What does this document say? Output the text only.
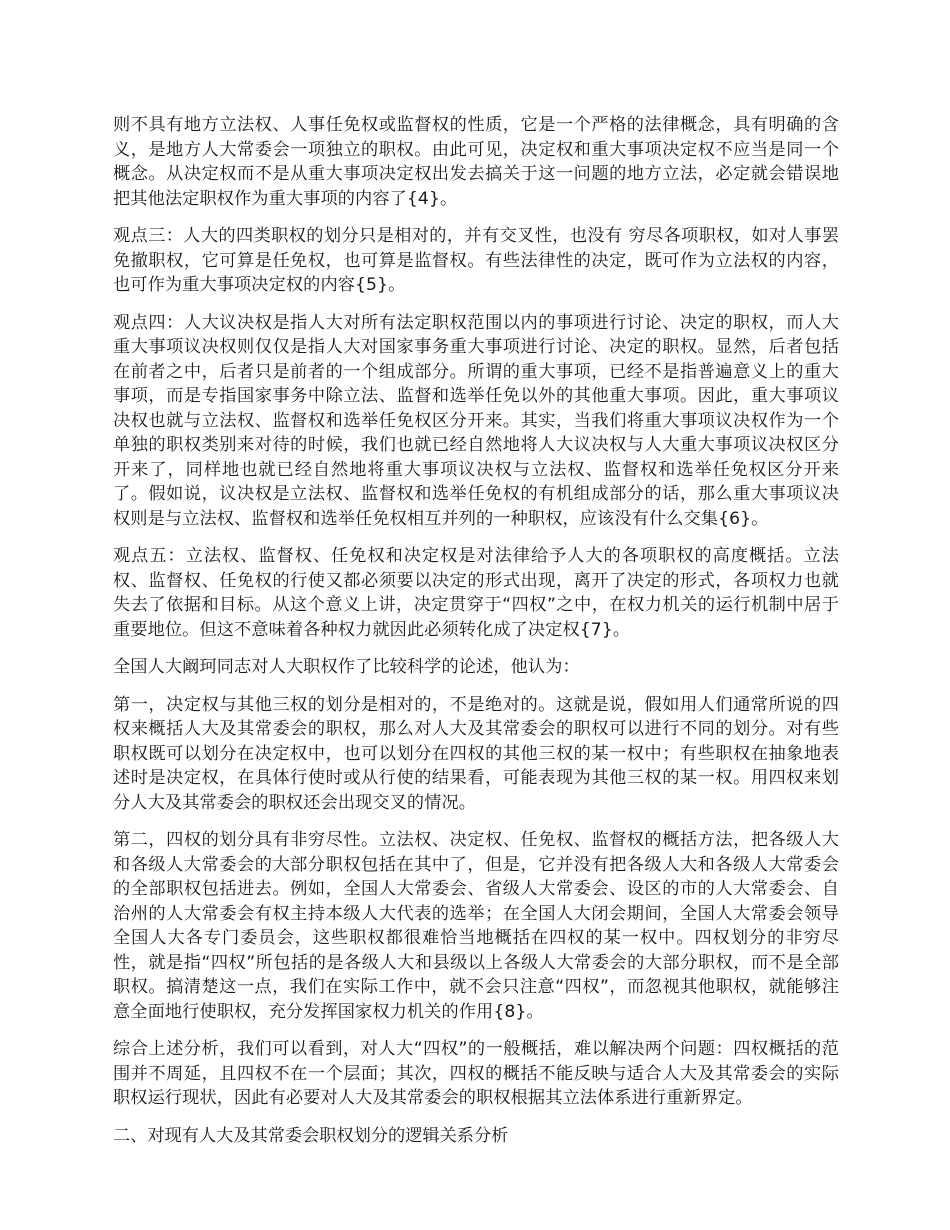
则不具有地方立法权、人事任免权或监督权的性质，它是一个严格的法律概念，具有明确的含义，是地方人大常委会一项独立的职权。由此可见，决定权和重大事项决定权不应当是同一个概念。从决定权而不是从重大事项决定权出发去搞关于这一问题的地方立法，必定就会错误地把其他法定职权作为重大事项的内容了{4}。

观点三：人大的四类职权的划分只是相对的，并有交叉性，也没有 穷尽各项职权，如对人事罢免撤职权，它可算是任免权，也可算是监督权。有些法律性的决定，既可作为立法权的内容，也可作为重大事项决定权的内容{5}。

观点四：人大议决权是指人大对所有法定职权范围以内的事项进行讨论、决定的职权，而人大重大事项议决权则仅仅是指人大对国家事务重大事项进行讨论、决定的职权。显然，后者包括在前者之中，后者只是前者的一个组成部分。所谓的重大事项，已经不是指普遍意义上的重大事项，而是专指国家事务中除立法、监督和选举任免以外的其他重大事项。因此，重大事项议决权也就与立法权、监督权和选举任免权区分开来。其实，当我们将重大事项议决权作为一个单独的职权类别来对待的时候，我们也就已经自然地将人大议决权与人大重大事项议决权区分开来了，同样地也就已经自然地将重大事项议决权与立法权、监督权和选举任免权区分开来了。假如说，议决权是立法权、监督权和选举任免权的有机组成部分的话，那么重大事项议决权则是与立法权、监督权和选举任免权相互并列的一种职权，应该没有什么交集{6}。

观点五：立法权、监督权、任免权和决定权是对法律给予人大的各项职权的高度概括。立法权、监督权、任免权的行使又都必须要以决定的形式出现，离开了决定的形式，各项权力也就失去了依据和目标。从这个意义上讲，决定贯穿于“四权”之中，在权力机关的运行机制中居于重要地位。但这不意味着各种权力就因此必须转化成了决定权{7}。

全国人大阚珂同志对人大职权作了比较科学的论述，他认为：

第一，决定权与其他三权的划分是相对的，不是绝对的。这就是说，假如用人们通常所说的四权来概括人大及其常委会的职权，那么对人大及其常委会的职权可以进行不同的划分。对有些职权既可以划分在决定权中，也可以划分在四权的其他三权的某一权中；有些职权在抽象地表述时是决定权，在具体行使时或从行使的结果看，可能表现为其他三权的某一权。用四权来划分人大及其常委会的职权还会出现交叉的情况。

第二，四权的划分具有非穷尽性。立法权、决定权、任免权、监督权的概括方法，把各级人大和各级人大常委会的大部分职权包括在其中了，但是，它并没有把各级人大和各级人大常委会的全部职权包括进去。例如，全国人大常委会、省级人大常委会、设区的市的人大常委会、自治州的人大常委会有权主持本级人大代表的选举；在全国人大闭会期间，全国人大常委会领导全国人大各专门委员会，这些职权都很难恰当地概括在四权的某一权中。四权划分的非穷尽性，就是指“四权”所包括的是各级人大和县级以上各级人大常委会的大部分职权，而不是全部职权。搞清楚这一点，我们在实际工作中，就不会只注意“四权”，而忽视其他职权，就能够注意全面地行使职权，充分发挥国家权力机关的作用{8}。

综合上述分析，我们可以看到，对人大“四权”的一般概括，难以解决两个问题：四权概括的范围并不周延，且四权不在一个层面；其次，四权的概括不能反映与适合人大及其常委会的实际职权运行现状，因此有必要对人大及其常委会的职权根据其立法体系进行重新界定。

二、对现有人大及其常委会职权划分的逻辑关系分析
